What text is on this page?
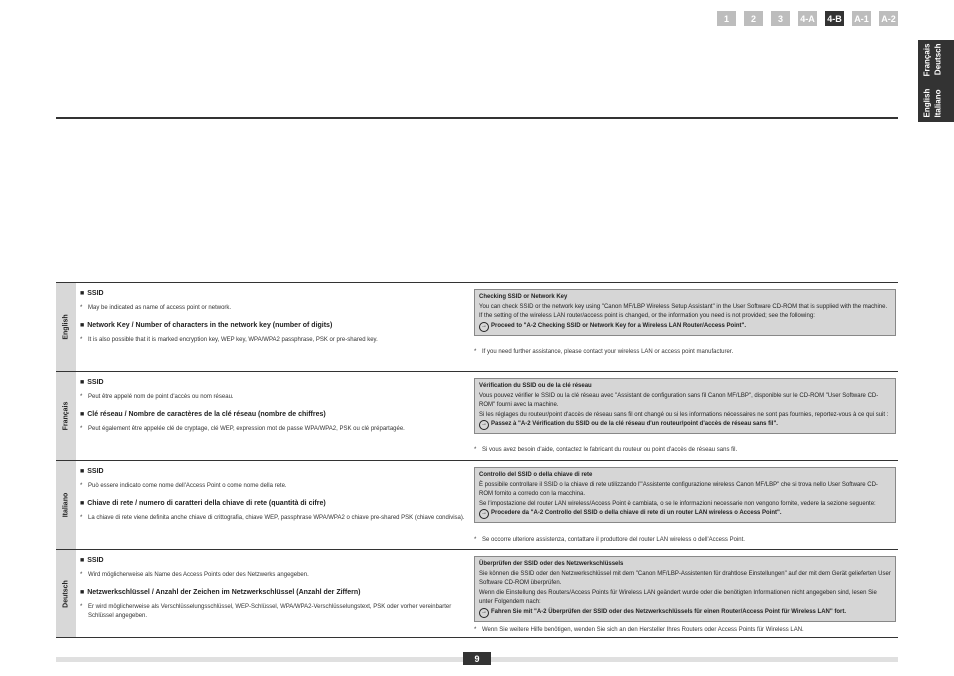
1	2	3	4-A 4-B A-1 A-2
English
Français
Italiano
Deutsch
English
■ SSID
* May be indicated as name of access point or network.
■ Network Key / Number of characters in the network key (number of digits)
* It is also possible that it is marked encryption key, WEP key, WPA/WPA2 passphrase, PSK or pre-shared key.
Checking SSID or Network Key
You can check SSID or the network key using "Canon MF/LBP Wireless Setup Assistant" in the User Software CD-ROM that is supplied with the machine.
If the setting of the wireless LAN router/access point is changed, or the information you need is not provided; see the following:
→ Proceed to "A-2 Checking SSID or Network Key for a Wireless LAN Router/Access Point".
* If you need further assistance, please contact your wireless LAN or access point manufacturer.
Français
■ SSID
* Peut être appelé nom de point d'accès ou nom réseau.
■ Clé réseau / Nombre de caractères de la clé réseau (nombre de chiffres)
* Peut également être appelée clé de cryptage, clé WEP, expression mot de passe WPA/WPA2, PSK ou clé prépartagée.
Vérification du SSID ou de la clé réseau
Vous pouvez vérifier le SSID ou la clé réseau avec "Assistant de configuration sans fil Canon MF/LBP", disponible sur le CD-ROM "User Software CD-ROM" fourni avec la machine.
Si les réglages du routeur/point d'accès de réseau sans fil ont changé ou si les informations nécessaires ne sont pas fournies, reportez-vous à ce qui suit :
→ Passez à "A-2 Vérification du SSID ou de la clé réseau d'un routeur/point d'accès de réseau sans fil".
* Si vous avez besoin d'aide, contactez le fabricant du routeur ou point d'accès de réseau sans fil.
Italiano
■ SSID
* Può essere indicato come nome dell'Access Point o come nome della rete.
■ Chiave di rete / numero di caratteri della chiave di rete (quantità di cifre)
* La chiave di rete viene definita anche chiave di crittografia, chiave WEP, passphrase WPA/WPA2 o chiave pre-shared PSK (chiave condivisa).
Controllo del SSID o della chiave di rete
È possibile controllare il SSID o la chiave di rete utilizzando l'"Assistente configurazione wireless Canon MF/LBP" che si trova nello User Software CD-ROM fornito a corredo con la macchina.
Se l'impostazione del router LAN wireless/Access Point è cambiata, o se le informazioni necessarie non vengono fornite, vedere la sezione seguente:
→ Procedere da "A-2 Controllo del SSID o della chiave di rete di un router LAN wireless o Access Point".
* Se occorre ulteriore assistenza, contattare il produttore del router LAN wireless o dell'Access Point.
Deutsch
■ SSID
* Wird möglicherweise als Name des Access Points oder des Netzwerks angegeben.
■ Netzwerkschlüssel / Anzahl der Zeichen im Netzwerkschlüssel (Anzahl der Ziffern)
* Er wird möglicherweise als Verschlüsselungsschlüssel, WEP-Schlüssel, WPA/WPA2-Verschlüsselungstext, PSK oder vorher vereinbarter Schlüssel angegeben.
Überprüfen der SSID oder des Netzwerkschlüssels
Sie können die SSID oder den Netzwerkschlüssel mit dem "Canon MF/LBP-Assistenten für drahtlose Einstellungen" auf der mit dem Gerät gelieferten User Software CD-ROM überprüfen.
Wenn die Einstellung des Routers/Access Points für Wireless LAN geändert wurde oder die benötigten Informationen nicht angegeben sind, lesen Sie unter Folgendem nach:
→ Fahren Sie mit "A-2 Überprüfen der SSID oder des Netzwerkschlüssels für einen Router/Access Point für Wireless LAN" fort.
* Wenn Sie weitere Hilfe benötigen, wenden Sie sich an den Hersteller Ihres Routers oder Access Points für Wireless LAN.
9
